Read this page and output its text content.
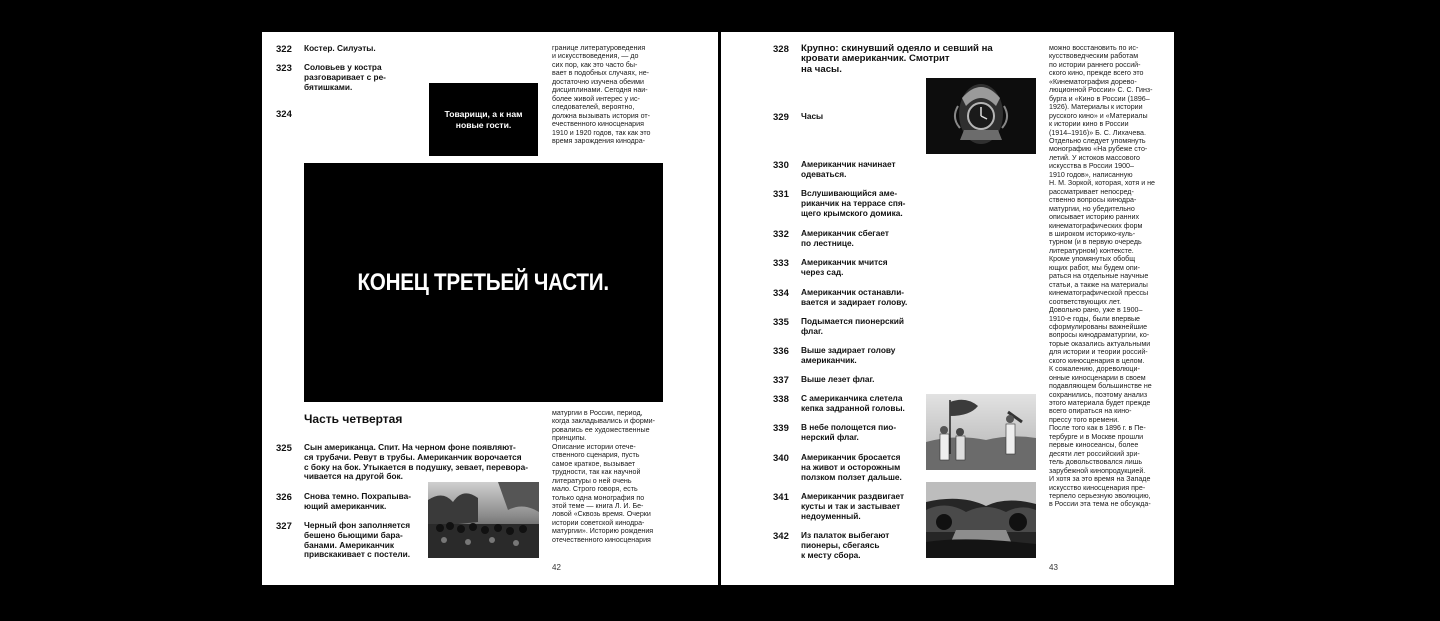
322 Костер. Силуэты.
323 Соловьев у костра
разговаривает с ре-
бятишками.
324	Товарищи, а к нам
новые гости.
КОНЕЦ ТРЕТЬЕЙ ЧАСТИ.
Часть четвертая
325 Сын американца. Спит. На черном фоне появляют-
ся трубачи. Ревут в трубы. Американчик ворочается
с боку на бок. Утыкается в подушку, зевает, перевора-
чивается на другой бок.
326 Снова темно. Похрапыва-
ющий американчик.
327 Черный фон заполняется
бешено бьющими бара-
банами. Американчик
привскакивает с постели.
границе литературоведения
и искусствоведения, — до
сих пор, как это часто бы-
вает в подобных случаях, не-
достаточно изучена обеими
дисциплинами. Сегодня наи-
более живой интерес у ис-
следователей, вероятно,
должна вызывать история от-
ечественного киносценария
1910 и 1920 годов, так как это
время зарождения кинодра-
матургии в России, период,
когда закладывались и форми-
ровались ее художественные
принципы.
Описание истории отече-
ственного сценария, пусть
самое краткое, вызывает
трудности, так как научной
литературы о ней очень
мало. Строго говоря, есть
только одна монография по
этой теме — книга Л. И. Бе-
ловой «Сквозь время. Очерки
истории советской кинодра-
матургии». Историю рождения
отечественного киносценария
42
328 Крупно: скинувший одеяло и севший на
кровати американчик. Смотрит
на часы.
329 Часы
330 Американчик начинает
одеваться.
331 Вслушивающийся аме-
риканчик на террасе спя-
щего крымского домика.
332 Американчик сбегает
по лестнице.
333 Американчик мчится
через сад.
334 Американчик останавли-
вается и задирает голову.
335 Подымается пионерский
флаг.
336 Выше задирает голову
американчик.
337 Выше лезет флаг.
338 С американчика слетела
кепка задранной головы.
339 В небе полощется пио-
нерский флаг.
340 Американчик бросается
на живот и осторожным
ползком ползет дальше.
341 Американчик раздвигает
кусты и так и застывает
недоуменный.
342 Из палаток выбегают
пионеры, сбегаясь
к месту сбора.
можно восстановить по ис-
кусствоведческим работам
по истории раннего россий-
ского кино, прежде всего это
«Кинематография дорево-
люционной России» С. С. Гинз-
бурга и «Кино в России (1896–
1926). Материалы к истории
русского кино» и «Материалы
к истории кино в России
(1914–1916)» Б. С. Лихачева.
Отдельно следует упомянуть
монографию «На рубеже сто-
летий. У истоков массового
искусства в России 1900–
1910 годов», написанную
Н. М. Зоркой, которая, хотя и не
рассматривает непосред-
ственно вопросы кинодра-
матургии, но убедительно
описывает историю ранних
кинематографических форм
в широком историко-куль-
турном (и в первую очередь
литературном) контексте.
Кроме упомянутых обобщ
ющих работ, мы будем опи-
раться на отдельные научные
статьи, а также на материалы
кинематографической прессы
соответствующих лет.
Довольно рано, уже в 1900–
1910-е годы, были впервые
сформулированы важнейшие
вопросы кинодраматургии, ко-
торые оказались актуальными
для истории и теории россий-
ского киносценария в целом.
К сожалению, дореволюци-
онные киносценарии в своем
подавляющем большинстве не
сохранились, поэтому анализ
этого материала будет прежде
всего опираться на кино-
прессу того времени.
После того как в 1896 г. в Пе-
тербурге и в Москве прошли
первые киносеансы, более
десяти лет российский зри-
тель довольствовался лишь
зарубежной кинопродукцией.
И хотя за это время на Западе
искусство киносценария пре-
терпело серьезную эволюцию,
в России эта тема не обсужда-
43
